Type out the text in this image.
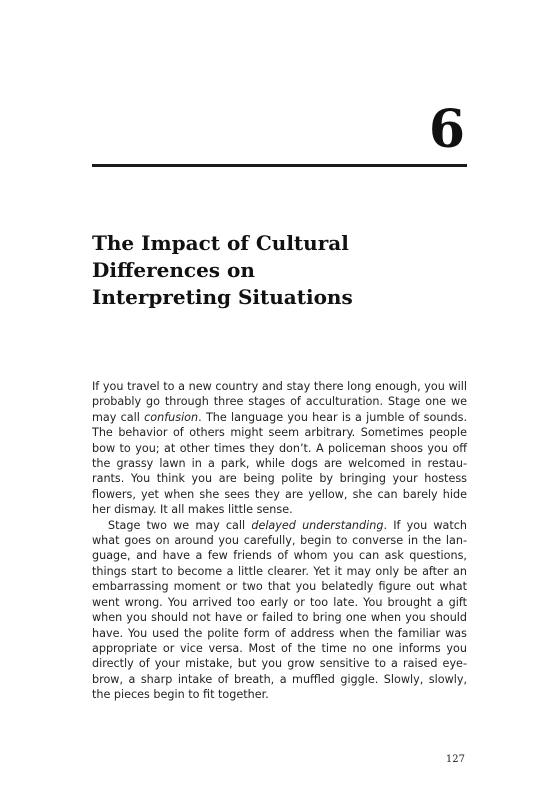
6
The Impact of Cultural
Differences on
Interpreting Situations

If you travel to a new country and stay there long enough, you will probably go through three stages of acculturation. Stage one we may call confusion. The language you hear is a jumble of sounds. The behavior of others might seem arbitrary. Sometimes people bow to you; at other times they don’t. A policeman shoos you off the grassy lawn in a park, while dogs are welcomed in restaurants. You think you are being polite by bringing your hostess flowers, yet when she sees they are yellow, she can barely hide her dismay. It all makes little sense.

Stage two we may call delayed understanding. If you watch what goes on around you carefully, begin to converse in the language, and have a few friends of whom you can ask questions, things start to become a little clearer. Yet it may only be after an embarrassing moment or two that you belatedly figure out what went wrong. You arrived too early or too late. You brought a gift when you should not have or failed to bring one when you should have. You used the polite form of address when the familiar was appropriate or vice versa. Most of the time no one informs you directly of your mistake, but you grow sensitive to a raised eyebrow, a sharp intake of breath, a muffled giggle. Slowly, slowly, the pieces begin to fit together.

127
